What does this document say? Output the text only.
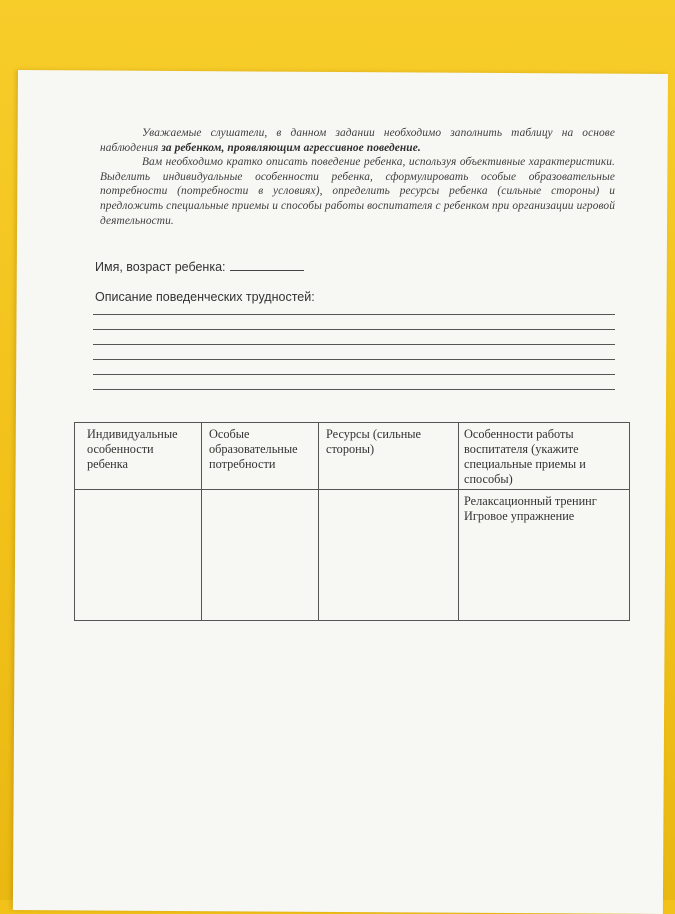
Уважаемые слушатели, в данном задании необходимо заполнить таблицу на основе наблюдения за ребенком, проявляющим агрессивное поведение.

Вам необходимо кратко описать поведение ребенка, используя объективные характеристики. Выделить индивидуальные особенности ребенка, сформулировать особые образовательные потребности (потребности в условиях), определить ресурсы ребенка (сильные стороны) и предложить специальные приемы и способы работы воспитателя с ребенком при организации игровой деятельности.

Имя, возраст ребенка:
Описание поведенческих трудностей:
Индивидуальные особенности ребенка
Особые образовательные потребности
Ресурсы (сильные стороны)
Особенности работы воспитателя (укажите специальные приемы и способы)
Релаксационный тренинг Игровое упражнение
